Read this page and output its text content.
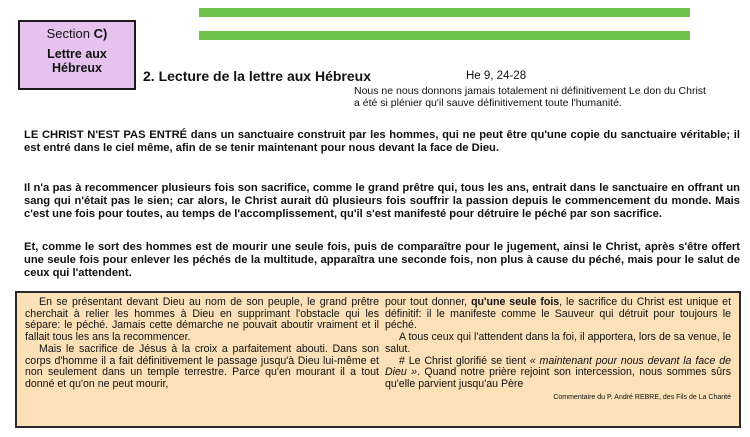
Section C)
Lettre aux
Hébreux	2. Lecture de la lettre aux Hébreux	He 9, 24-28
Nous ne nous donnons jamais totalement ni définitivement Le don du Christ a été si plénier qu'il sauve définitivement toute l'humanité.
LE CHRIST N'EST PAS ENTRÉ dans un sanctuaire construit par les hommes, qui ne peut être qu'une copie du sanctuaire véritable; il est entré dans le ciel même, afin de se tenir maintenant pour nous devant la face de Dieu.
Il n'a pas à recommencer plusieurs fois son sacrifice, comme le grand prêtre qui, tous les ans, entrait dans le sanctuaire en offrant un sang qui n'était pas le sien; car alors, le Christ aurait dû plusieurs fois souffrir la passion depuis le commencement du monde. Mais c'est une fois pour toutes, au temps de l'accomplissement, qu'il s'est manifesté pour détruire le péché par son sacrifice.
Et, comme le sort des hommes est de mourir une seule fois, puis de comparaître pour le jugement, ainsi le Christ, après s'être offert une seule fois pour enlever les péchés de la multitude, apparaîtra une seconde fois, non plus à cause du péché, mais pour le salut de ceux qui l'attendent.

En se présentant devant Dieu au nom de son peuple, le grand prêtre cherchait à relier les hommes à Dieu en supprimant l'obstacle qui les sépare: le péché. Jamais cette démarche ne pouvait aboutir vraiment et il fallait tous les ans la recommencer.

Mais le sacrifice de Jésus à la croix a parfaitement abouti. Dans son corps d'homme il a fait définitivement le passage jusqu'à Dieu lui-même et non seulement dans un temple terrestre. Parce qu'en mourant il a tout donné et qu'on ne peut mourir,

pour tout donner, qu'une seule fois, le sacrifice du Christ est unique et définitif: il le manifeste comme le Sauveur qui détruit pour toujours le péché.

A tous ceux qui l'attendent dans la foi, il apportera, lors de sa venue, le salut.

# Le Christ glorifié se tient « maintenant pour nous devant la face de Dieu ». Quand notre prière rejoint son intercession, nous sommes sûrs qu'elle parvient jusqu'au Père

Commentaire du P. André REBRE, des Fils de La Charité
